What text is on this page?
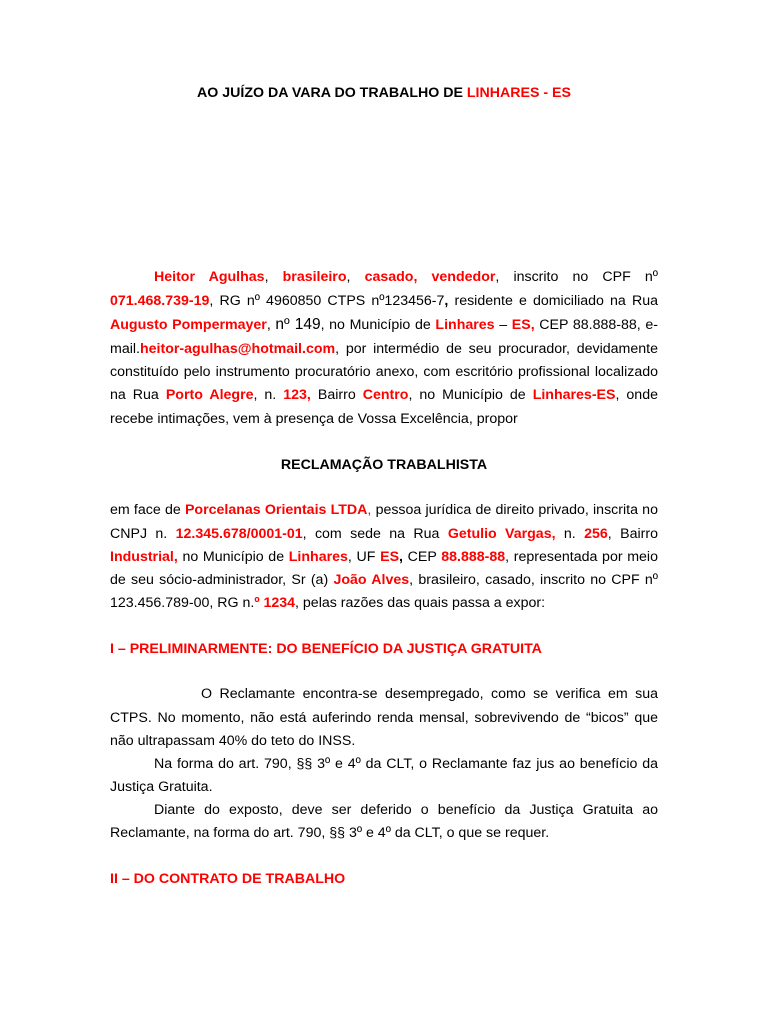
AO JUÍZO DA VARA DO TRABALHO DE LINHARES - ES
Heitor Agulhas, brasileiro, casado, vendedor, inscrito no CPF nº
071.468.739-19, RG nº 4960850 CTPS nº123456-7, residente e domiciliado na Rua
Augusto Pompermayer, nº 149, no Município de Linhares – ES, CEP 88.888-88, e-
mail.heitor-agulhas@hotmail.com, por intermédio de seu procurador, devidamente
constituído pelo instrumento procuratório anexo, com escritório profissional localizado
na Rua Porto Alegre, n. 123, Bairro Centro, no Município de Linhares-ES, onde
recebe intimações, vem à presença de Vossa Excelência, propor
RECLAMAÇÃO TRABALHISTA
em face de Porcelanas Orientais LTDA, pessoa jurídica de direito privado, inscrita no
CNPJ n. 12.345.678/0001-01, com sede na Rua Getulio Vargas, n. 256, Bairro
Industrial, no Município de Linhares, UF ES, CEP 88.888-88, representada por meio
de seu sócio-administrador, Sr (a) João Alves, brasileiro, casado, inscrito no CPF nº
123.456.789-00, RG n.º 1234, pelas razões das quais passa a expor:
I – PRELIMINARMENTE: DO BENEFÍCIO DA JUSTIÇA GRATUITA
O Reclamante encontra-se desempregado, como se verifica em sua
CTPS. No momento, não está auferindo renda mensal, sobrevivendo de “bicos” que
não ultrapassam 40% do teto do INSS.
Na forma do art. 790, §§ 3º e 4º da CLT, o Reclamante faz jus ao benefício da
Justiça Gratuita.
Diante do exposto, deve ser deferido o benefício da Justiça Gratuita ao
Reclamante, na forma do art. 790, §§ 3º e 4º da CLT, o que se requer.
II – DO CONTRATO DE TRABALHO
